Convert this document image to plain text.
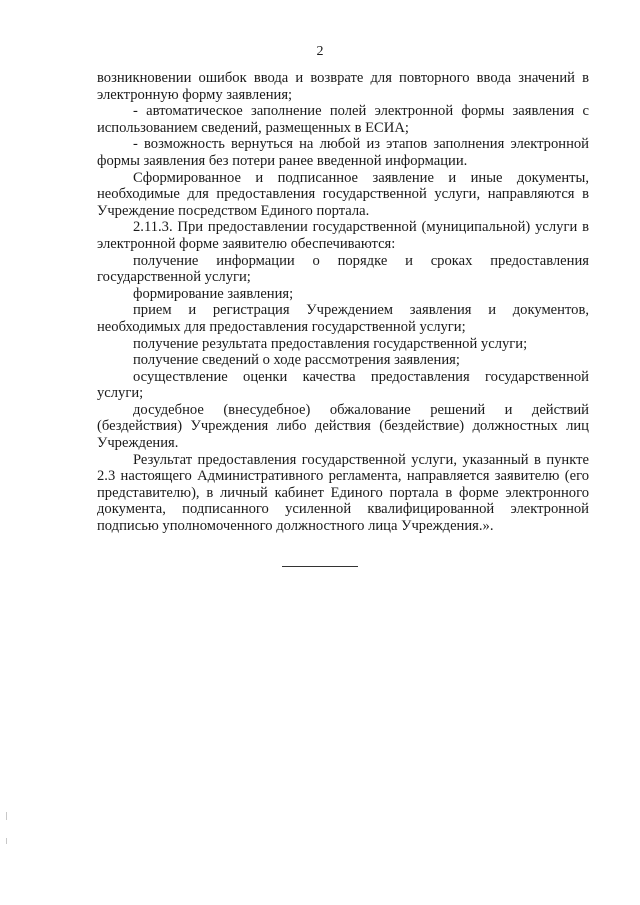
2

возникновении ошибок ввода и возврате для повторного ввода значений в электронную форму заявления;

- автоматическое заполнение полей электронной формы заявления с использованием сведений, размещенных в ЕСИА;

- возможность вернуться на любой из этапов заполнения электронной формы заявления без потери ранее введенной информации.

Сформированное и подписанное заявление и иные документы, необходимые для предоставления государственной услуги, направляются в Учреждение посредством Единого портала.

2.11.3. При предоставлении государственной (муниципальной) услуги в электронной форме заявителю обеспечиваются:

получение информации о порядке и сроках предоставления государственной услуги;

формирование заявления;

прием и регистрация Учреждением заявления и документов, необходимых для предоставления государственной услуги;

получение результата предоставления государственной услуги;

получение сведений о ходе рассмотрения заявления;

осуществление оценки качества предоставления государственной услуги;

досудебное (внесудебное) обжалование решений и действий (бездействия) Учреждения либо действия (бездействие) должностных лиц Учреждения.

Результат предоставления государственной услуги, указанный в пункте 2.3 настоящего Административного регламента, направляется заявителю (его представителю), в личный кабинет Единого портала в форме электронного документа, подписанного усиленной квалифицированной электронной подписью уполномоченного должностного лица Учреждения.».
